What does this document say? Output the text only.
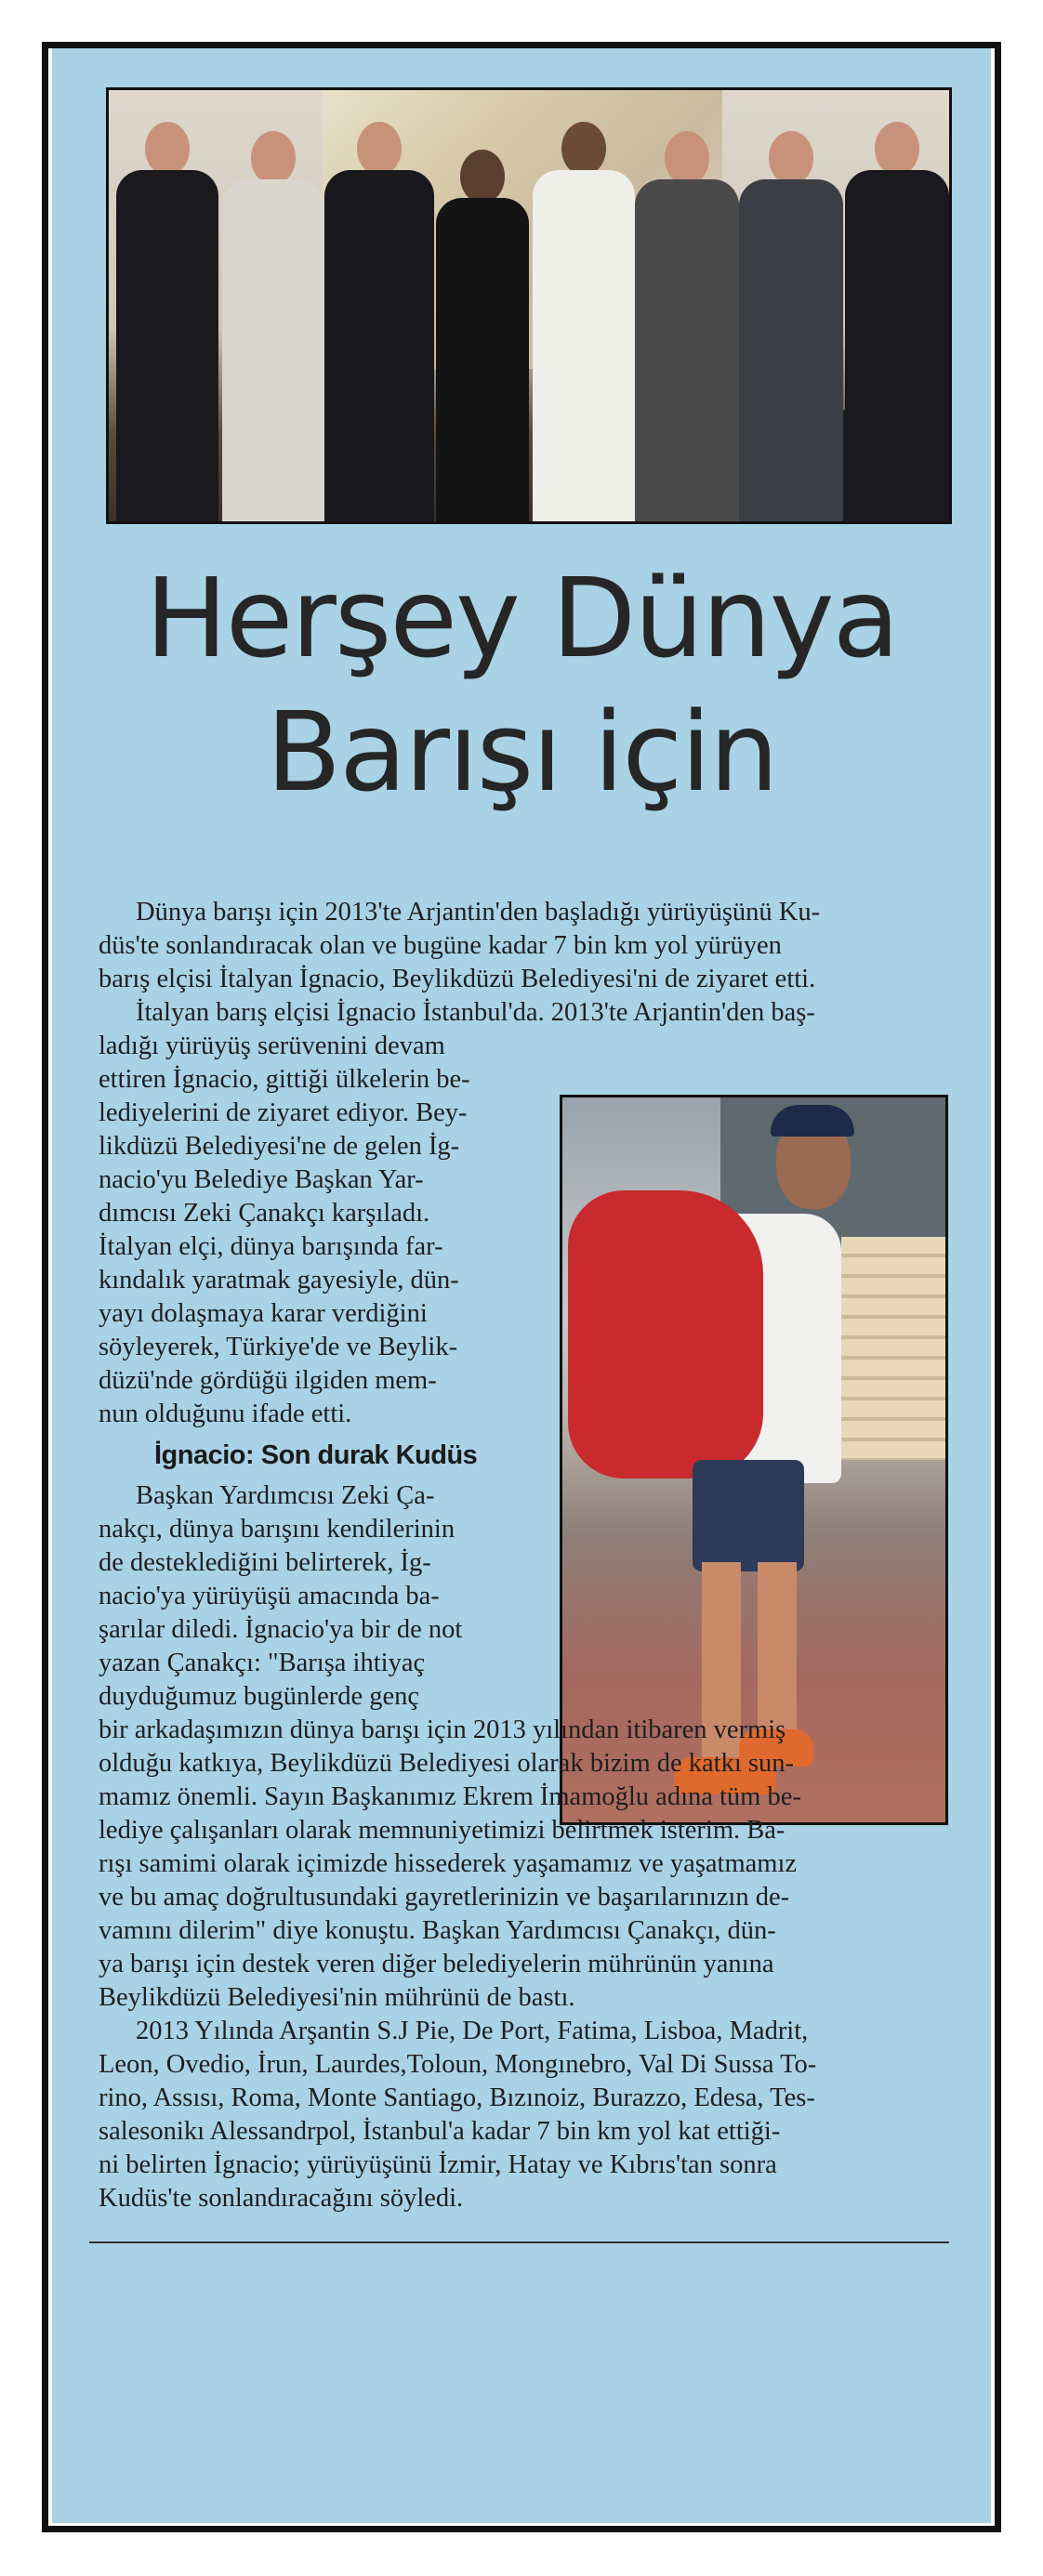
Herşey Dünya
Barışı için

Dünya barışı için 2013'te Arjantin'den başladığı yürüyüşünü Ku-

düs'te sonlandıracak olan ve bugüne kadar 7 bin km yol yürüyen

barış elçisi İtalyan İgnacio, Beylikdüzü Belediyesi'ni de ziyaret etti.

İtalyan barış elçisi İgnacio İstanbul'da. 2013'te Arjantin'den baş-

ladığı yürüyüş serüvenini devam

ettiren İgnacio, gittiği ülkelerin be-

lediyelerini de ziyaret ediyor. Bey-

likdüzü Belediyesi'ne de gelen İg-

nacio'yu Belediye Başkan Yar-

dımcısı Zeki Çanakçı karşıladı.

İtalyan elçi, dünya barışında far-

kındalık yaratmak gayesiyle, dün-

yayı dolaşmaya karar verdiğini

söyleyerek, Türkiye'de ve Beylik-

düzü'nde gördüğü ilgiden mem-

nun olduğunu ifade etti.

İgnacio: Son durak Kudüs

Başkan Yardımcısı Zeki Ça-

nakçı, dünya barışını kendilerinin

de desteklediğini belirterek, İg-

nacio'ya yürüyüşü amacında ba-

şarılar diledi. İgnacio'ya bir de not

yazan Çanakçı: "Barışa ihtiyaç

duyduğumuz bugünlerde genç

bir arkadaşımızın dünya barışı için 2013 yılından itibaren vermiş

olduğu katkıya, Beylikdüzü Belediyesi olarak bizim de katkı sun-

mamız önemli. Sayın Başkanımız Ekrem İmamoğlu adına tüm be-

lediye çalışanları olarak memnuniyetimizi belirtmek isterim. Ba-

rışı samimi olarak içimizde hissederek yaşamamız ve yaşatmamız

ve bu amaç doğrultusundaki gayretlerinizin ve başarılarınızın de-

vamını dilerim" diye konuştu. Başkan Yardımcısı Çanakçı, dün-

ya barışı için destek veren diğer belediyelerin mührünün yanına

Beylikdüzü Belediyesi'nin mührünü de bastı.

2013 Yılında Arşantin S.J Pie, De Port, Fatima, Lisboa, Madrit,

Leon, Ovedio, İrun, Laurdes,Toloun, Mongınebro, Val Di Sussa To-

rino, Assısı, Roma, Monte Santiago, Bızınoiz, Burazzo, Edesa, Tes-

salesonikı Alessandrpol, İstanbul'a kadar 7 bin km yol kat ettiği-

ni belirten İgnacio; yürüyüşünü İzmir, Hatay ve Kıbrıs'tan sonra

Kudüs'te sonlandıracağını söyledi.
